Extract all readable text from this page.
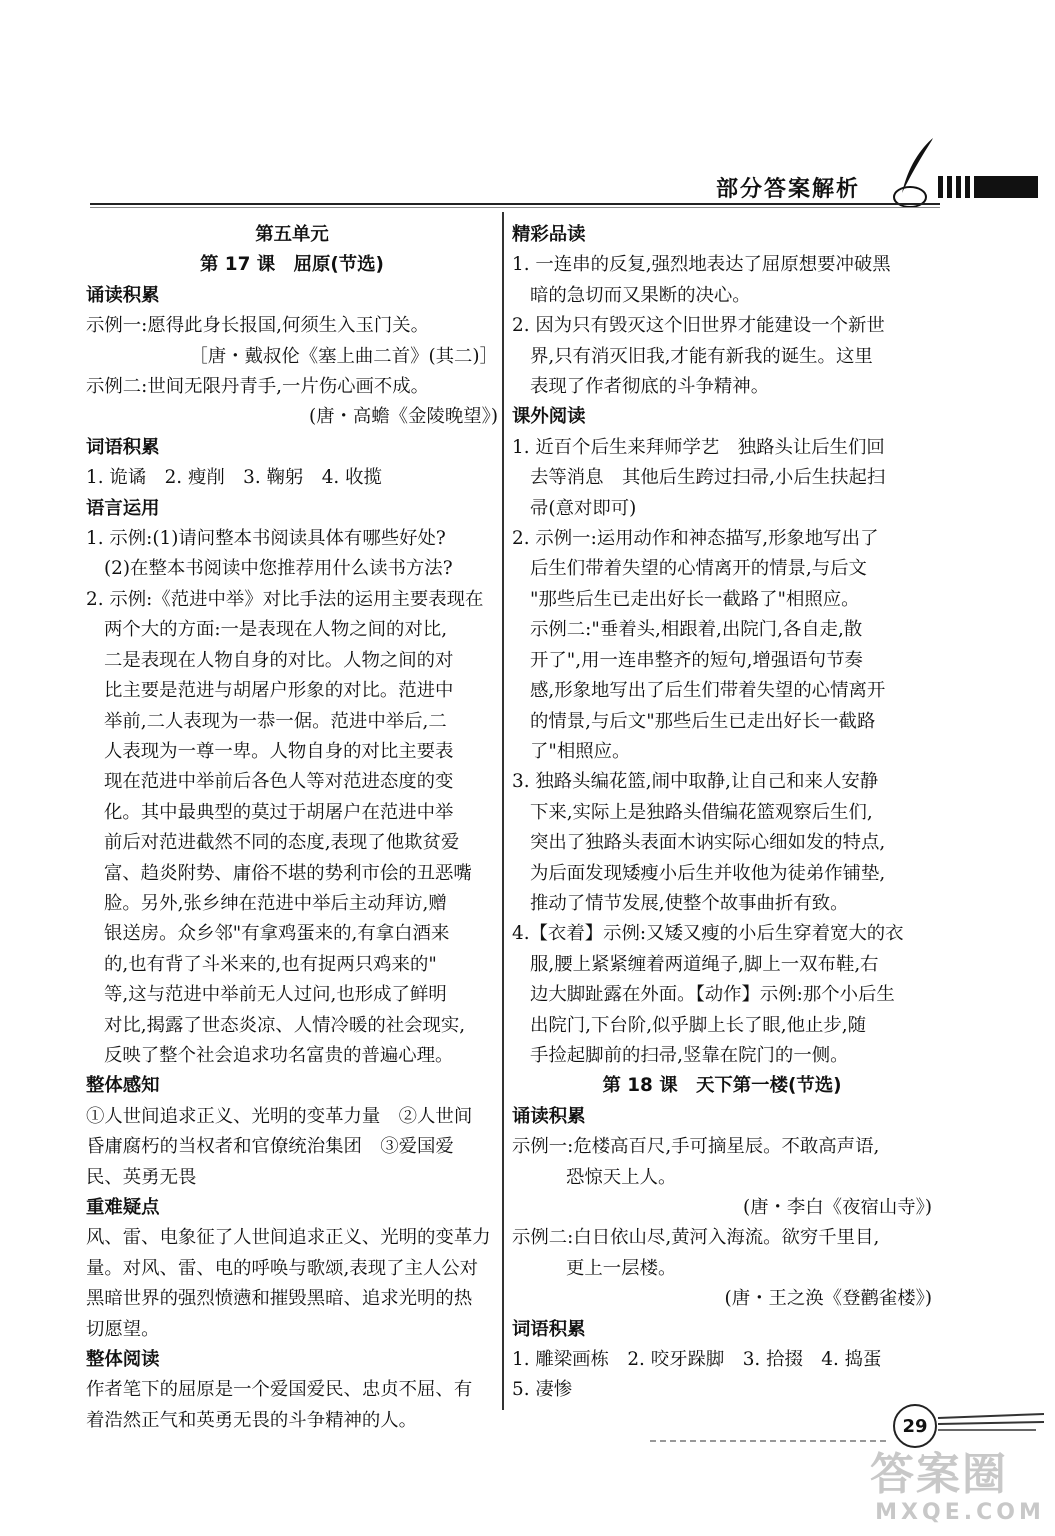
部分答案解析

第五单元

第 17 课　屈原(节选)

诵读积累

示例一:愿得此身长报国,何须生入玉门关。

［唐・戴叔伦《塞上曲二首》(其二)］

示例二:世间无限丹青手,一片伤心画不成。

(唐・高蟾《金陵晚望》)

词语积累

1. 诡谲　2. 瘦削　3. 鞠躬　4. 收揽

语言运用

1. 示例:(1)请问整本书阅读具体有哪些好处?

(2)在整本书阅读中您推荐用什么读书方法?

2. 示例:《范进中举》对比手法的运用主要表现在

两个大的方面:一是表现在人物之间的对比,

二是表现在人物自身的对比。人物之间的对

比主要是范进与胡屠户形象的对比。范进中

举前,二人表现为一恭一倨。范进中举后,二

人表现为一尊一卑。人物自身的对比主要表

现在范进中举前后各色人等对范进态度的变

化。其中最典型的莫过于胡屠户在范进中举

前后对范进截然不同的态度,表现了他欺贫爱

富、趋炎附势、庸俗不堪的势利市侩的丑恶嘴

脸。另外,张乡绅在范进中举后主动拜访,赠

银送房。众乡邻"有拿鸡蛋来的,有拿白酒来

的,也有背了斗米来的,也有捉两只鸡来的"

等,这与范进中举前无人过问,也形成了鲜明

对比,揭露了世态炎凉、人情冷暖的社会现实,

反映了整个社会追求功名富贵的普遍心理。

整体感知

①人世间追求正义、光明的变革力量　②人世间

昏庸腐朽的当权者和官僚统治集团　③爱国爱

民、英勇无畏

重难疑点

风、雷、电象征了人世间追求正义、光明的变革力

量。对风、雷、电的呼唤与歌颂,表现了主人公对

黑暗世界的强烈愤懑和摧毁黑暗、追求光明的热

切愿望。

整体阅读

作者笔下的屈原是一个爱国爱民、忠贞不屈、有

着浩然正气和英勇无畏的斗争精神的人。

精彩品读

1. 一连串的反复,强烈地表达了屈原想要冲破黑

暗的急切而又果断的决心。

2. 因为只有毁灭这个旧世界才能建设一个新世

界,只有消灭旧我,才能有新我的诞生。这里

表现了作者彻底的斗争精神。

课外阅读

1. 近百个后生来拜师学艺　独路头让后生们回

去等消息　其他后生跨过扫帚,小后生扶起扫

帚(意对即可)

2. 示例一:运用动作和神态描写,形象地写出了

后生们带着失望的心情离开的情景,与后文

"那些后生已走出好长一截路了"相照应。

示例二:"垂着头,相跟着,出院门,各自走,散

开了",用一连串整齐的短句,增强语句节奏

感,形象地写出了后生们带着失望的心情离开

的情景,与后文"那些后生已走出好长一截路

了"相照应。

3. 独路头编花篮,闹中取静,让自己和来人安静

下来,实际上是独路头借编花篮观察后生们,

突出了独路头表面木讷实际心细如发的特点,

为后面发现矮瘦小后生并收他为徒弟作铺垫,

推动了情节发展,使整个故事曲折有致。

4.【衣着】示例:又矮又瘦的小后生穿着宽大的衣

服,腰上紧紧缠着两道绳子,脚上一双布鞋,右

边大脚趾露在外面。【动作】示例:那个小后生

出院门,下台阶,似乎脚上长了眼,他止步,随

手捡起脚前的扫帚,竖靠在院门的一侧。

第 18 课　天下第一楼(节选)

诵读积累

示例一:危楼高百尺,手可摘星辰。不敢高声语,

恐惊天上人。

(唐・李白《夜宿山寺》)

示例二:白日依山尽,黄河入海流。欲穷千里目,

更上一层楼。

(唐・王之涣《登鹳雀楼》)

词语积累

1. 雕梁画栋　2. 咬牙跺脚　3. 拾掇　4. 捣蛋

5. 凄惨

29
答案圈
MXQE.COM
